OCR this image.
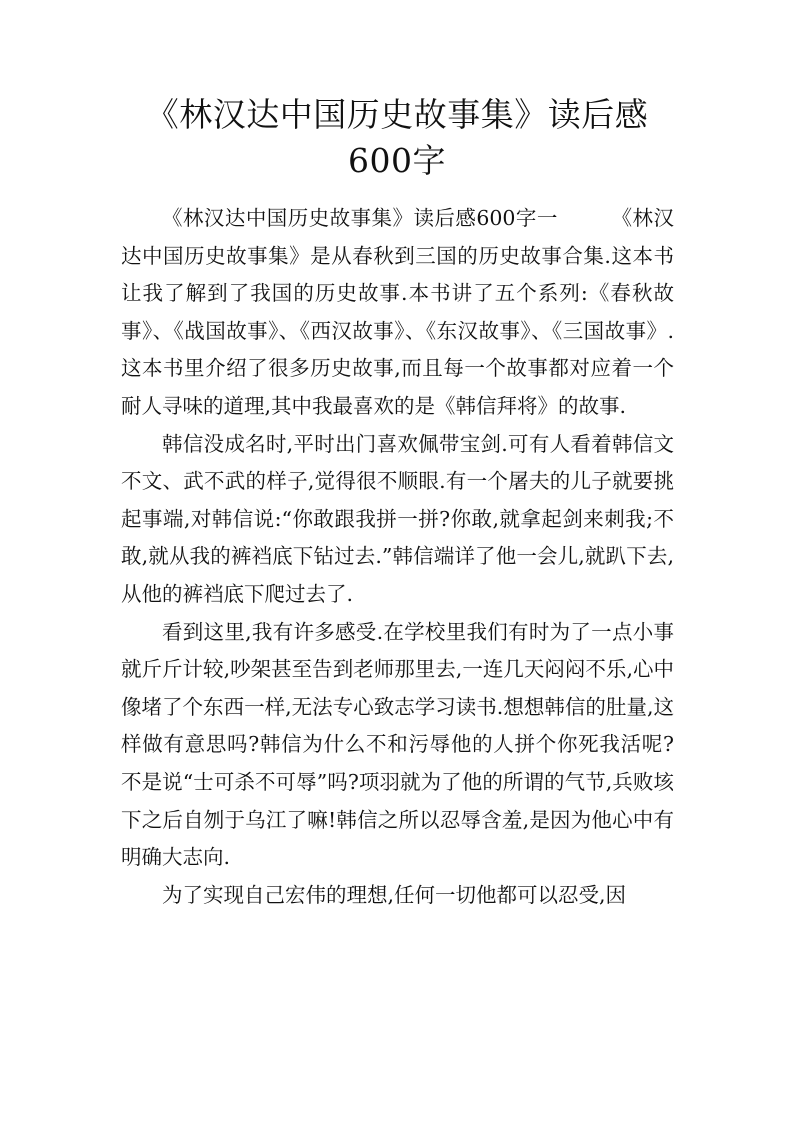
《林汉达中国历史故事集》读后感600字

《林汉达中国历史故事集》读后感600字一	《林汉达中国历史故事集》是从春秋到三国的历史故事合集.这本书让我了解到了我国的历史故事.本书讲了五个系列:《春秋故事》、《战国故事》、《西汉故事》、《东汉故事》、《三国故事》.这本书里介绍了很多历史故事,而且每一个故事都对应着一个耐人寻味的道理,其中我最喜欢的是《韩信拜将》的故事.

韩信没成名时,平时出门喜欢佩带宝剑.可有人看着韩信文不文、武不武的样子,觉得很不顺眼.有一个屠夫的儿子就要挑起事端,对韩信说:“你敢跟我拼一拼?你敢,就拿起剑来刺我;不敢,就从我的裤裆底下钻过去.”韩信端详了他一会儿,就趴下去,从他的裤裆底下爬过去了.

看到这里,我有许多感受.在学校里我们有时为了一点小事就斤斤计较,吵架甚至告到老师那里去,一连几天闷闷不乐,心中像堵了个东西一样,无法专心致志学习读书.想想韩信的肚量,这样做有意思吗?韩信为什么不和污辱他的人拼个你死我活呢?不是说“士可杀不可辱”吗?项羽就为了他的所谓的气节,兵败垓下之后自刎于乌江了嘛!韩信之所以忍辱含羞,是因为他心中有明确大志向.

为了实现自己宏伟的理想,任何一切他都可以忍受,因
